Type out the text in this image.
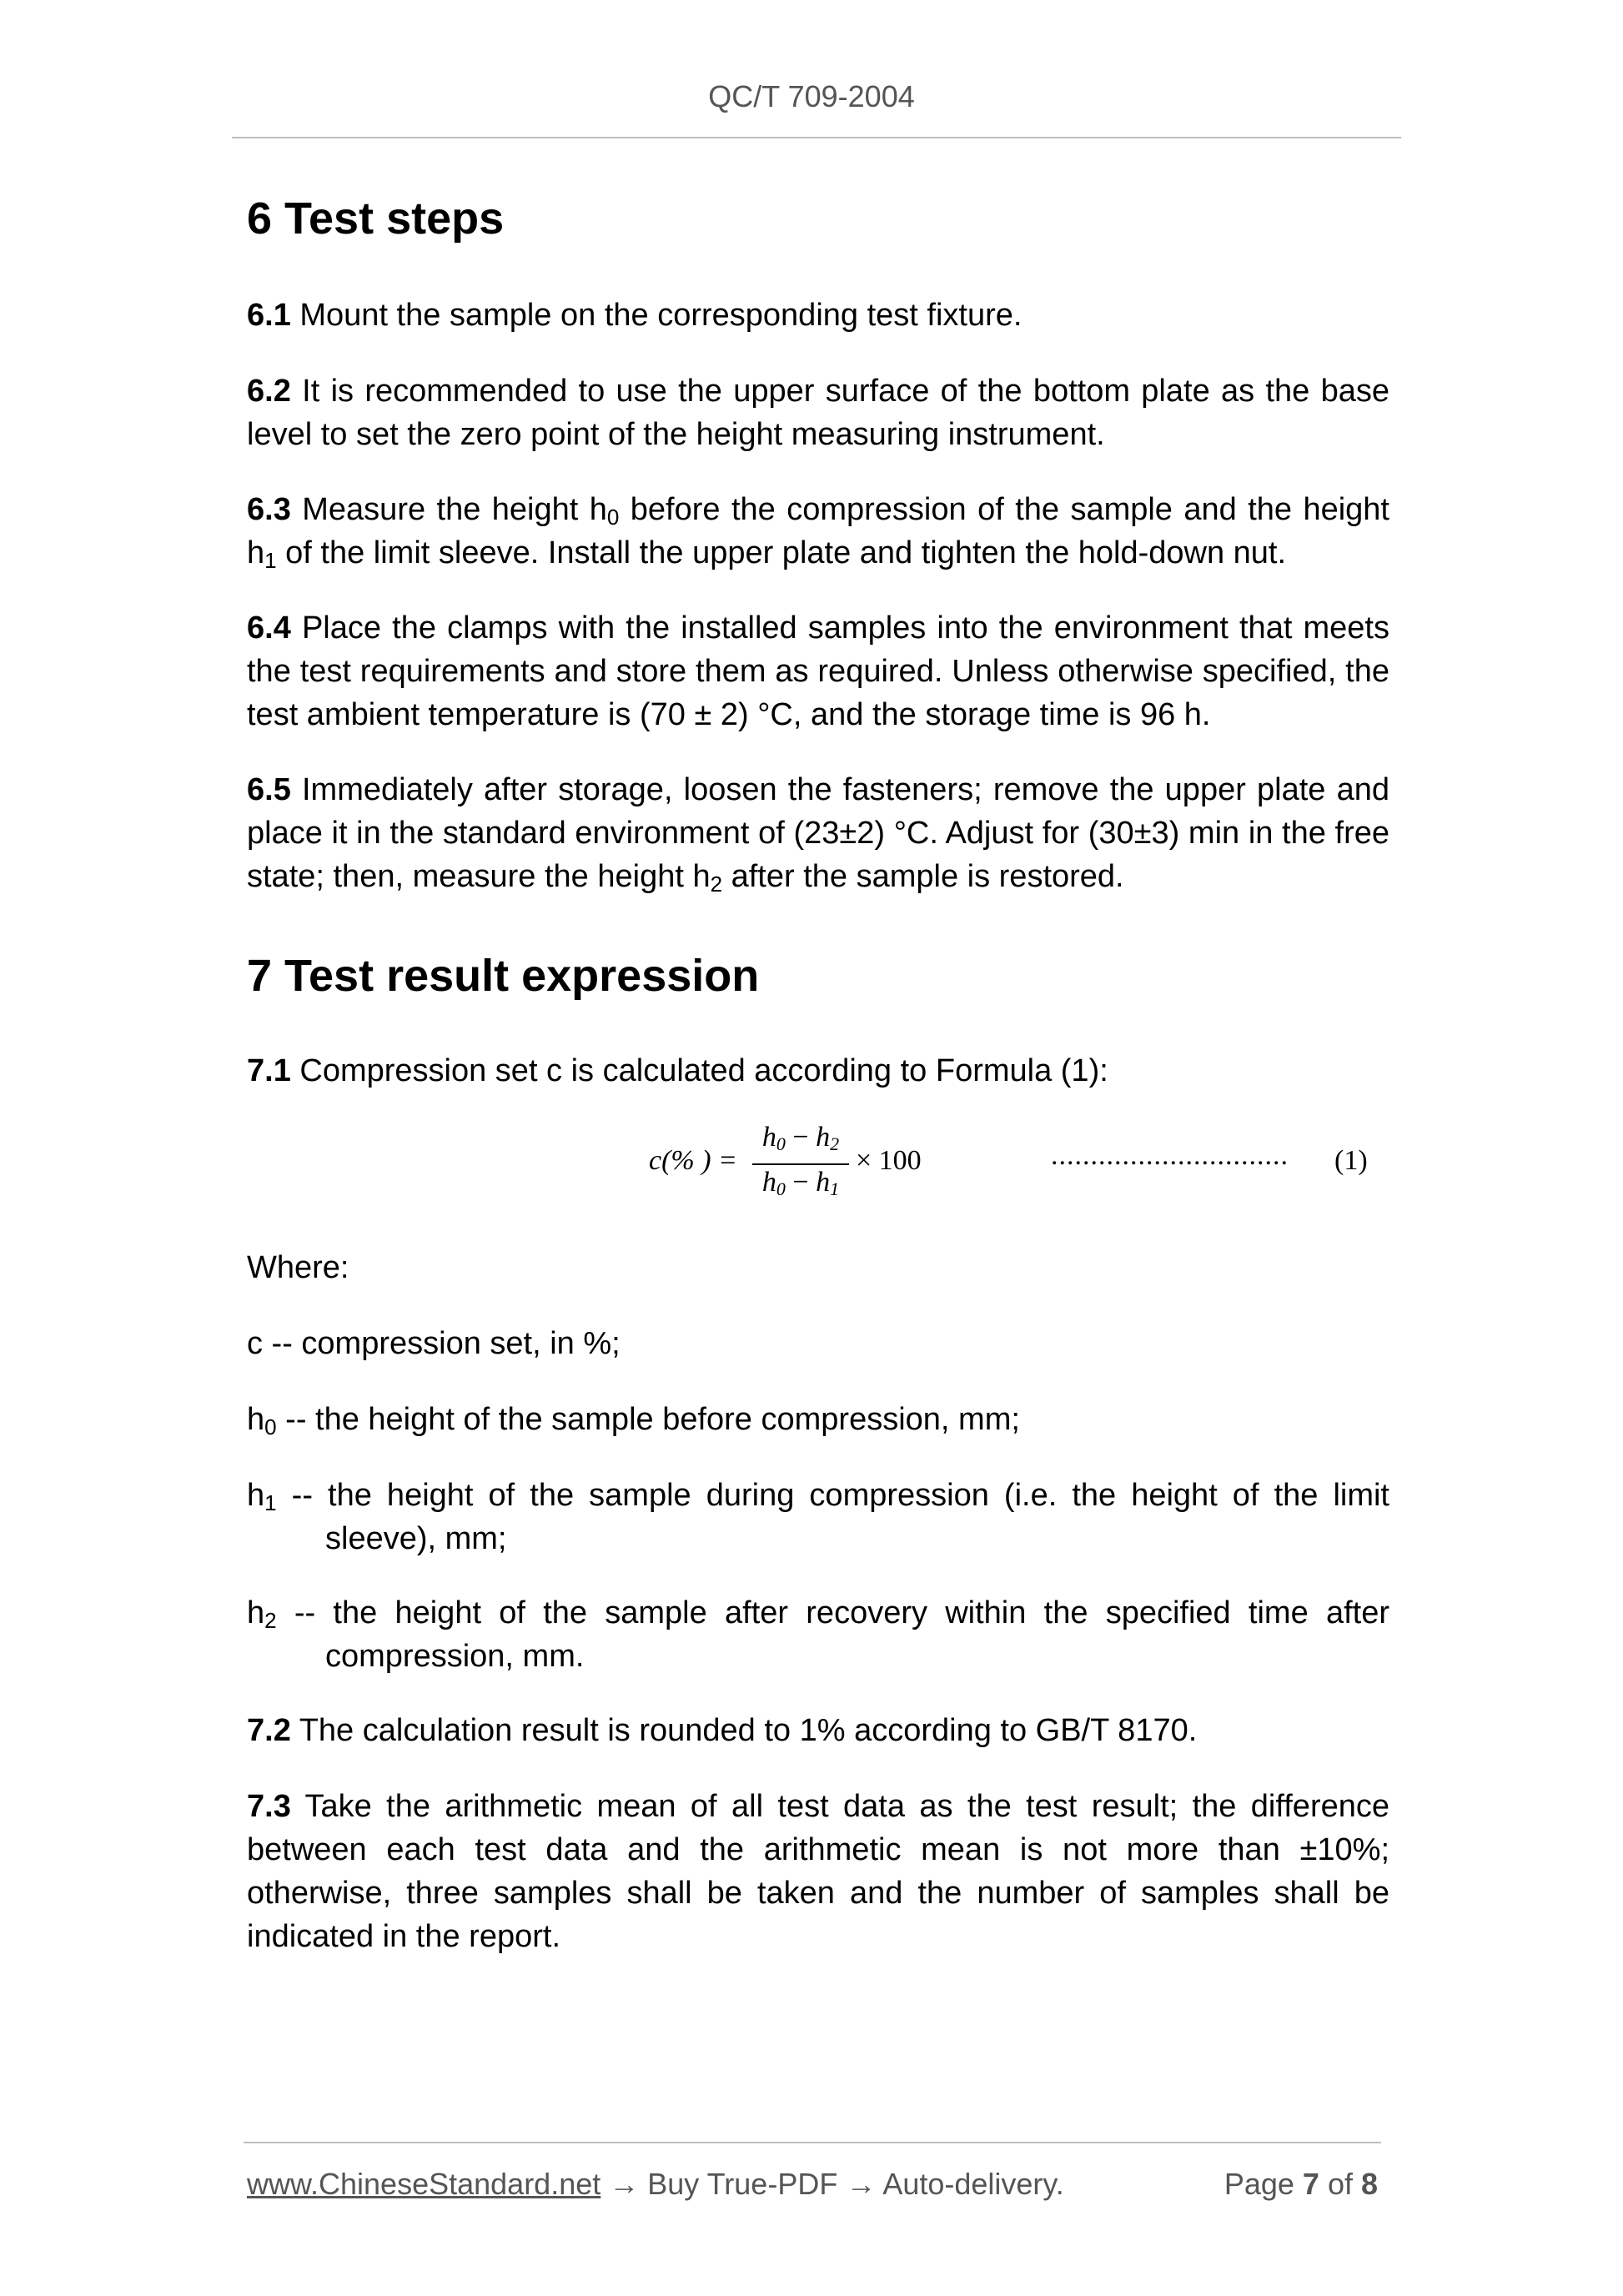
QC/T 709-2004
6 Test steps
6.1 Mount the sample on the corresponding test fixture.
6.2 It is recommended to use the upper surface of the bottom plate as the base level to set the zero point of the height measuring instrument.
6.3 Measure the height $h_0$ before the compression of the sample and the height $h_1$ of the limit sleeve. Install the upper plate and tighten the hold-down nut.
6.4 Place the clamps with the installed samples into the environment that meets the test requirements and store them as required. Unless otherwise specified, the test ambient temperature is (70 ± 2) °C, and the storage time is 96 h.
6.5 Immediately after storage, loosen the fasteners; remove the upper plate and place it in the standard environment of (23±2) °C. Adjust for (30±3) min in the free state; then, measure the height $h_2$ after the sample is restored.
7 Test result expression
7.1 Compression set c is calculated according to Formula (1):
Where:
c -- compression set, in %;
$h_0$ -- the height of the sample before compression, mm;
$h_1$ -- the height of the sample during compression (i.e. the height of the limit sleeve), mm;
$h_2$ -- the height of the sample after recovery within the specified time after compression, mm.
7.2 The calculation result is rounded to 1% according to GB/T 8170.
7.3 Take the arithmetic mean of all test data as the test result; the difference between each test data and the arithmetic mean is not more than ±10%; otherwise, three samples shall be taken and the number of samples shall be indicated in the report.
c(% ) =
$h_0 - h_2$
$h_0 - h_1$
× 100	.............................. (1)
www.ChineseStandard.net → Buy True-PDF → Auto-delivery.	Page 7 of 8
